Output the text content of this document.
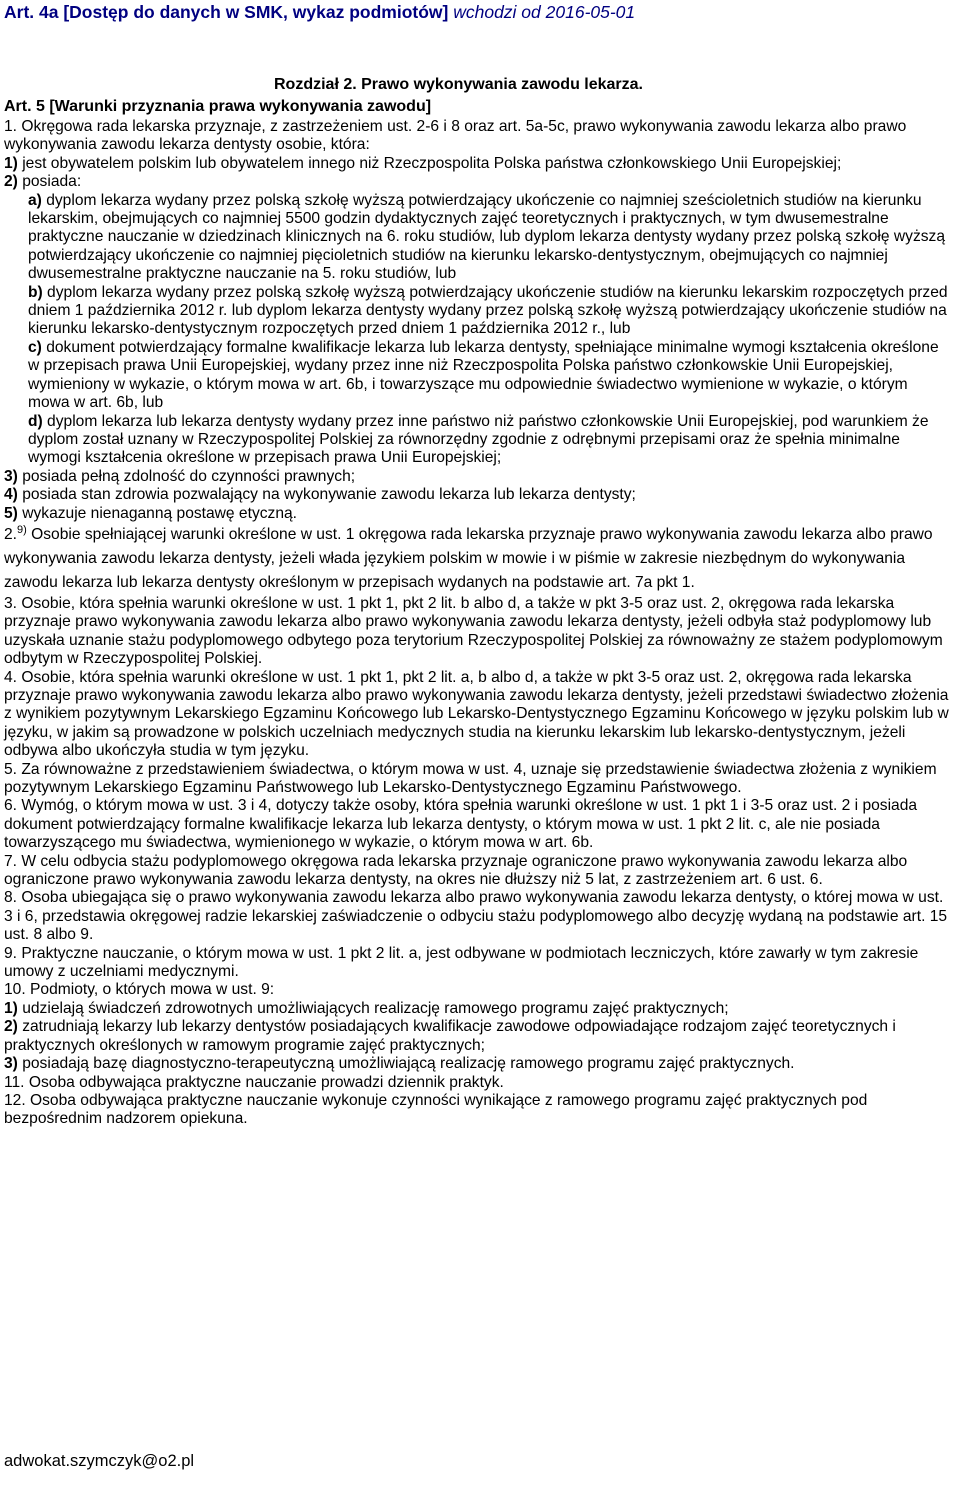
Art. 4a [Dostęp do danych w SMK, wykaz podmiotów] wchodzi od 2016-05-01
Rozdział 2. Prawo wykonywania zawodu lekarza.
Art. 5 [Warunki przyznania prawa wykonywania zawodu]

1. Okręgowa rada lekarska przyznaje, z zastrzeżeniem ust. 2-6 i 8 oraz art. 5a-5c, prawo wykonywania zawodu lekarza albo prawo wykonywania zawodu lekarza dentysty osobie, która:

1) jest obywatelem polskim lub obywatelem innego niż Rzeczpospolita Polska państwa członkowskiego Unii Europejskiej;

2) posiada:

a) dyplom lekarza wydany przez polską szkołę wyższą potwierdzający ukończenie co najmniej sześcioletnich studiów na kierunku lekarskim, obejmujących co najmniej 5500 godzin dydaktycznych zajęć teoretycznych i praktycznych, w tym dwusemestralne praktyczne nauczanie w dziedzinach klinicznych na 6. roku studiów, lub dyplom lekarza dentysty wydany przez polską szkołę wyższą potwierdzający ukończenie co najmniej pięcioletnich studiów na kierunku lekarsko-dentystycznym, obejmujących co najmniej dwusemestralne praktyczne nauczanie na 5. roku studiów, lub

b) dyplom lekarza wydany przez polską szkołę wyższą potwierdzający ukończenie studiów na kierunku lekarskim rozpoczętych przed dniem 1 października 2012 r. lub dyplom lekarza dentysty wydany przez polską szkołę wyższą potwierdzający ukończenie studiów na kierunku lekarsko-dentystycznym rozpoczętych przed dniem 1 października 2012 r., lub

c) dokument potwierdzający formalne kwalifikacje lekarza lub lekarza dentysty, spełniające minimalne wymogi kształcenia określone w przepisach prawa Unii Europejskiej, wydany przez inne niż Rzeczpospolita Polska państwo członkowskie Unii Europejskiej, wymieniony w wykazie, o którym mowa w art. 6b, i towarzyszące mu odpowiednie świadectwo wymienione w wykazie, o którym mowa w art. 6b, lub

d) dyplom lekarza lub lekarza dentysty wydany przez inne państwo niż państwo członkowskie Unii Europejskiej, pod warunkiem że dyplom został uznany w Rzeczypospolitej Polskiej za równorzędny zgodnie z odrębnymi przepisami oraz że spełnia minimalne wymogi kształcenia określone w przepisach prawa Unii Europejskiej;

3) posiada pełną zdolność do czynności prawnych;

4) posiada stan zdrowia pozwalający na wykonywanie zawodu lekarza lub lekarza dentysty;

5) wykazuje nienaganną postawę etyczną.

2.$^{9)}$ Osobie spełniającej warunki określone w ust. 1 okręgowa rada lekarska przyznaje prawo wykonywania zawodu lekarza albo prawo wykonywania zawodu lekarza dentysty, jeżeli włada językiem polskim w mowie i w piśmie w zakresie niezbędnym do wykonywania zawodu lekarza lub lekarza dentysty określonym w przepisach wydanych na podstawie art. 7a pkt 1.

3. Osobie, która spełnia warunki określone w ust. 1 pkt 1, pkt 2 lit. b albo d, a także w pkt 3-5 oraz ust. 2, okręgowa rada lekarska przyznaje prawo wykonywania zawodu lekarza albo prawo wykonywania zawodu lekarza dentysty, jeżeli odbyła staż podyplomowy lub uzyskała uznanie stażu podyplomowego odbytego poza terytorium Rzeczypospolitej Polskiej za równoważny ze stażem podyplomowym odbytym w Rzeczypospolitej Polskiej.

4. Osobie, która spełnia warunki określone w ust. 1 pkt 1, pkt 2 lit. a, b albo d, a także w pkt 3-5 oraz ust. 2, okręgowa rada lekarska przyznaje prawo wykonywania zawodu lekarza albo prawo wykonywania zawodu lekarza dentysty, jeżeli przedstawi świadectwo złożenia z wynikiem pozytywnym Lekarskiego Egzaminu Końcowego lub Lekarsko-Dentystycznego Egzaminu Końcowego w języku polskim lub w języku, w jakim są prowadzone w polskich uczelniach medycznych studia na kierunku lekarskim lub lekarsko-dentystycznym, jeżeli odbywa albo ukończyła studia w tym języku.

5. Za równoważne z przedstawieniem świadectwa, o którym mowa w ust. 4, uznaje się przedstawienie świadectwa złożenia z wynikiem pozytywnym Lekarskiego Egzaminu Państwowego lub Lekarsko-Dentystycznego Egzaminu Państwowego.

6. Wymóg, o którym mowa w ust. 3 i 4, dotyczy także osoby, która spełnia warunki określone w ust. 1 pkt 1 i 3-5 oraz ust. 2 i posiada dokument potwierdzający formalne kwalifikacje lekarza lub lekarza dentysty, o którym mowa w ust. 1 pkt 2 lit. c, ale nie posiada towarzyszącego mu świadectwa, wymienionego w wykazie, o którym mowa w art. 6b.

7. W celu odbycia stażu podyplomowego okręgowa rada lekarska przyznaje ograniczone prawo wykonywania zawodu lekarza albo ograniczone prawo wykonywania zawodu lekarza dentysty, na okres nie dłuższy niż 5 lat, z zastrzeżeniem art. 6 ust. 6.

8. Osoba ubiegająca się o prawo wykonywania zawodu lekarza albo prawo wykonywania zawodu lekarza dentysty, o której mowa w ust. 3 i 6, przedstawia okręgowej radzie lekarskiej zaświadczenie o odbyciu stażu podyplomowego albo decyzję wydaną na podstawie art. 15 ust. 8 albo 9.

9. Praktyczne nauczanie, o którym mowa w ust. 1 pkt 2 lit. a, jest odbywane w podmiotach leczniczych, które zawarły w tym zakresie umowy z uczelniami medycznymi.

10. Podmioty, o których mowa w ust. 9:

1) udzielają świadczeń zdrowotnych umożliwiających realizację ramowego programu zajęć praktycznych;

2) zatrudniają lekarzy lub lekarzy dentystów posiadających kwalifikacje zawodowe odpowiadające rodzajom zajęć teoretycznych i praktycznych określonych w ramowym programie zajęć praktycznych;

3) posiadają bazę diagnostyczno-terapeutyczną umożliwiającą realizację ramowego programu zajęć praktycznych.

11. Osoba odbywająca praktyczne nauczanie prowadzi dziennik praktyk.

12. Osoba odbywająca praktyczne nauczanie wykonuje czynności wynikające z ramowego programu zajęć praktycznych pod bezpośrednim nadzorem opiekuna.

adwokat.szymczyk@o2.pl
